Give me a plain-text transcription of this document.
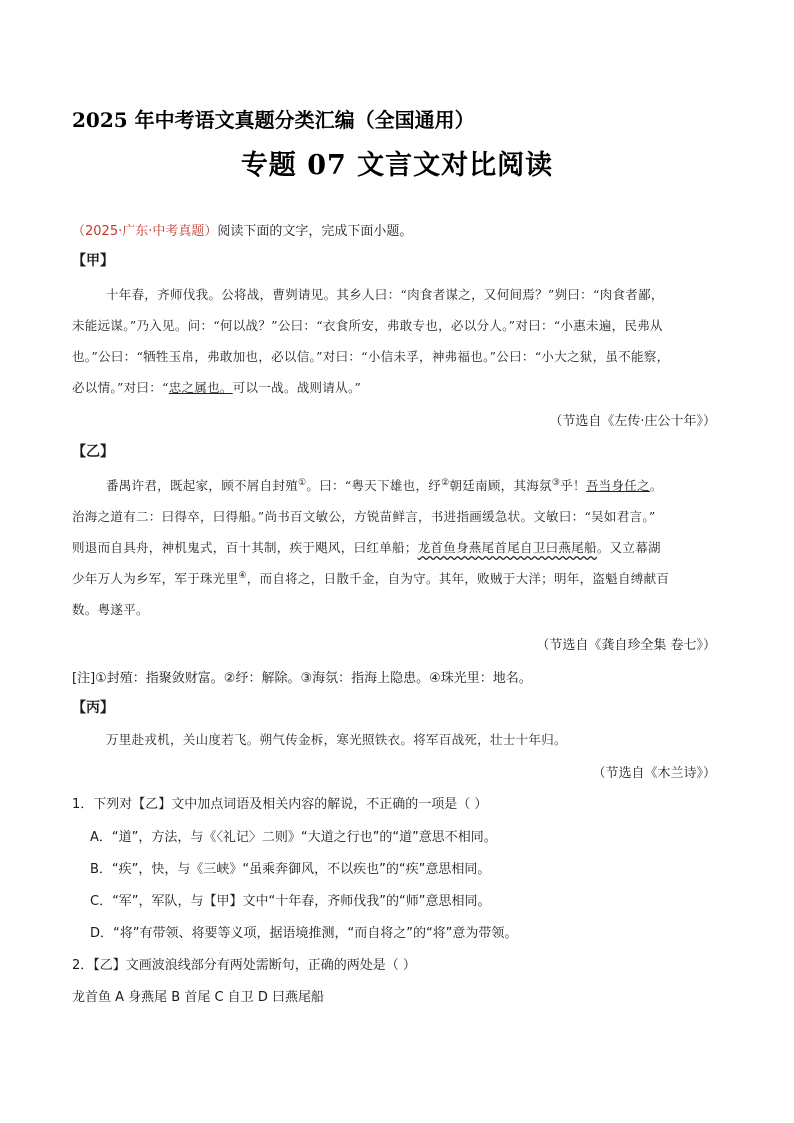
2025 年中考语文真题分类汇编（全国通用）
专题 07 文言文对比阅读
（2025·广东·中考真题）阅读下面的文字，完成下面小题。
【甲】
十年春，齐师伐我。公将战，曹刿请见。其乡人曰：“肉食者谋之，又何间焉？”刿曰：“肉食者鄙，
未能远谋。”乃入见。问：“何以战？”公曰：“衣食所安，弗敢专也，必以分人。”对曰：“小惠未遍，民弗从
也。”公曰：“牺牲玉帛，弗敢加也，必以信。”对曰：“小信未孚，神弗福也。”公曰：“小大之狱，虽不能察，
必以情。”对曰：“忠之属也。可以一战。战则请从。”
（节选自《左传·庄公十年》）
【乙】
番禺许君，既起家，顾不屑自封殖①。曰：“粤天下雄也，纾②朝廷南顾，其海氛③乎！吾当身任之。
治海之道有二：曰得卒，曰得船。”尚书百文敏公，方锐苗鲜言，书进指画缓急状。文敏曰：“吴如君言。”
则退而自具舟，神机鬼式，百十其制，疾于飓风，曰红单船；龙首鱼身燕尾首尾自卫曰燕尾船。又立幕湖
少年万人为乡军，军于珠光里④，而自将之，日散千金，自为守。其年，败贼于大洋；明年，盗魁自缚献百
数。粤遂平。
（节选自《龚自珍全集 卷七》）
[注]①封殖：指聚敛财富。②纾：解除。③海氛：指海上隐患。④珠光里：地名。
【丙】
万里赴戎机，关山度若飞。朔气传金柝，寒光照铁衣。将军百战死，壮士十年归。
（节选自《木兰诗》）
1．下列对【乙】文中加点词语及相关内容的解说，不正确的一项是（ ）
A．“道”，方法，与《〈礼记〉二则》“大道之行也”的“道”意思不相同。
B．“疾”，快，与《三峡》“虽乘奔御风，不以疾也”的“疾”意思相同。
C．“军”，军队，与【甲】文中“十年春，齐师伐我”的“师”意思相同。
D．“将”有带领、将要等义项，据语境推测，“而自将之”的“将”意为带领。
2．【乙】文画波浪线部分有两处需断句，正确的两处是（ ）
龙首鱼 A 身燕尾 B 首尾 C 自卫 D 曰燕尾船
